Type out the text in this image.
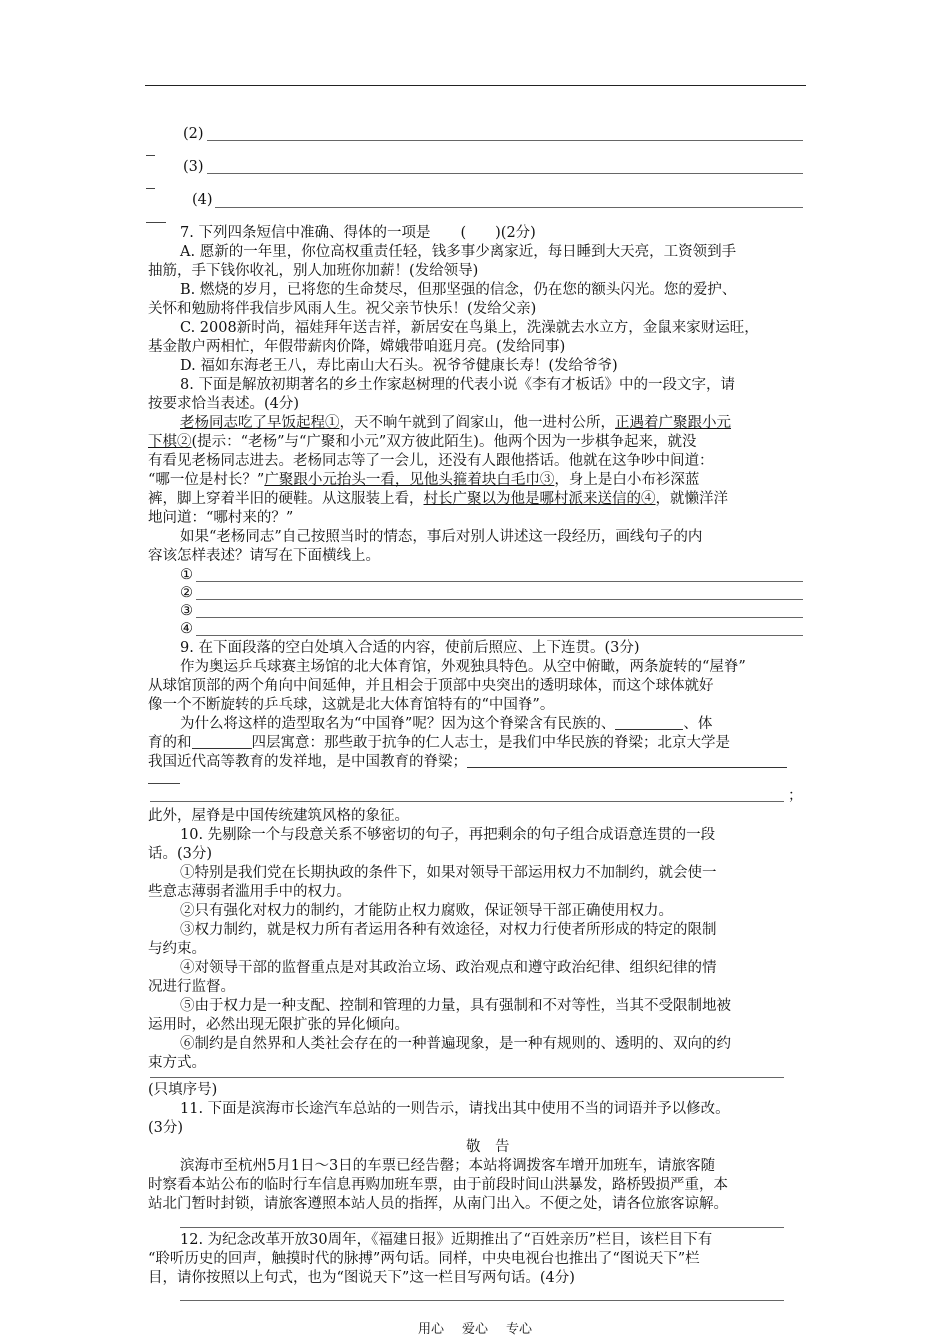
(2)
(3)
(4)
7. 下列四条短信中准确、得体的一项是 (　　)(2分)
A. 愿新的一年里，你位高权重责任轻，钱多事少离家近，每日睡到大天亮，工资领到手
抽筋，手下钱你收礼，别人加班你加薪！(发给领导)
B. 燃烧的岁月，已将您的生命焚尽，但那坚强的信念，仍在您的额头闪光。您的爱护、
关怀和勉励将伴我信步风雨人生。祝父亲节快乐！(发给父亲)
C. 2008新时尚，福娃拜年送吉祥，新居安在鸟巢上，洗澡就去水立方，金鼠来家财运旺，
基金散户两相忙，年假带薪肉价降，嫦娥带咱逛月亮。(发给同事)
D. 福如东海老王八，寿比南山大石头。祝爷爷健康长寿！(发给爷爷)
8. 下面是解放初期著名的乡土作家赵树理的代表小说《李有才板话》中的一段文字，请
按要求恰当表述。(4分)
老杨同志吃了早饭起程①，天不晌午就到了阎家山，他一进村公所，正遇着广聚跟小元
下棋②(提示：“老杨”与“广聚和小元”双方彼此陌生)。他两个因为一步棋争起来，就没
有看见老杨同志进去。老杨同志等了一会儿，还没有人跟他搭话。他就在这争吵中间道：
“哪一位是村长？”广聚跟小元抬头一看，见他头箍着块白毛巾③，身上是白小布衫深蓝
裤，脚上穿着半旧的硬鞋。从这服装上看，村长广聚以为他是哪村派来送信的④，就懒洋洋
地问道：“哪村来的？”
如果“老杨同志”自己按照当时的情态，事后对别人讲述这一段经历，画线句子的内
容该怎样表述？请写在下面横线上。
①
②
③
④
9. 在下面段落的空白处填入合适的内容，使前后照应、上下连贯。(3分)
作为奥运乒乓球赛主场馆的北大体育馆，外观独具特色。从空中俯瞰，两条旋转的“屋脊”
从球馆顶部的两个角向中间延伸，并且相会于顶部中央突出的透明球体，而这个球体就好
像一个不断旋转的乒乓球，这就是北大体育馆特有的“中国脊”。
为什么将这样的造型取名为“中国脊”呢？因为这个脊梁含有民族的、	、体
育的和	四层寓意：那些敢于抗争的仁人志士，是我们中华民族的脊梁；北京大学是
我国近代高等教育的发祥地，是中国教育的脊梁；
；
此外，屋脊是中国传统建筑风格的象征。
10. 先剔除一个与段意关系不够密切的句子，再把剩余的句子组合成语意连贯的一段
话。(3分)
①特别是我们党在长期执政的条件下，如果对领导干部运用权力不加制约，就会使一
些意志薄弱者滥用手中的权力。
②只有强化对权力的制约，才能防止权力腐败，保证领导干部正确使用权力。
③权力制约，就是权力所有者运用各种有效途径，对权力行使者所形成的特定的限制
与约束。
④对领导干部的监督重点是对其政治立场、政治观点和遵守政治纪律、组织纪律的情
况进行监督。
⑤由于权力是一种支配、控制和管理的力量，具有强制和不对等性，当其不受限制地被
运用时，必然出现无限扩张的异化倾向。
⑥制约是自然界和人类社会存在的一种普遍现象，是一种有规则的、透明的、双向的约
束方式。
(只填序号)
11. 下面是滨海市长途汽车总站的一则告示，请找出其中使用不当的词语并予以修改。
(3分)
敬　告
滨海市至杭州5月1日～3日的车票已经告罄；本站将调拨客车增开加班车，请旅客随
时察看本站公布的临时行车信息再购加班车票，由于前段时间山洪暴发，路桥毁损严重，本
站北门暂时封锁，请旅客遵照本站人员的指挥，从南门出入。不便之处，请各位旅客谅解。
12. 为纪念改革开放30周年，《福建日报》近期推出了“百姓亲历”栏目，该栏目下有
“聆听历史的回声，触摸时代的脉搏”两句话。同样，中央电视台也推出了“图说天下”栏
目，请你按照以上句式，也为“图说天下”这一栏目写两句话。(4分)
用心 爱心 专心
